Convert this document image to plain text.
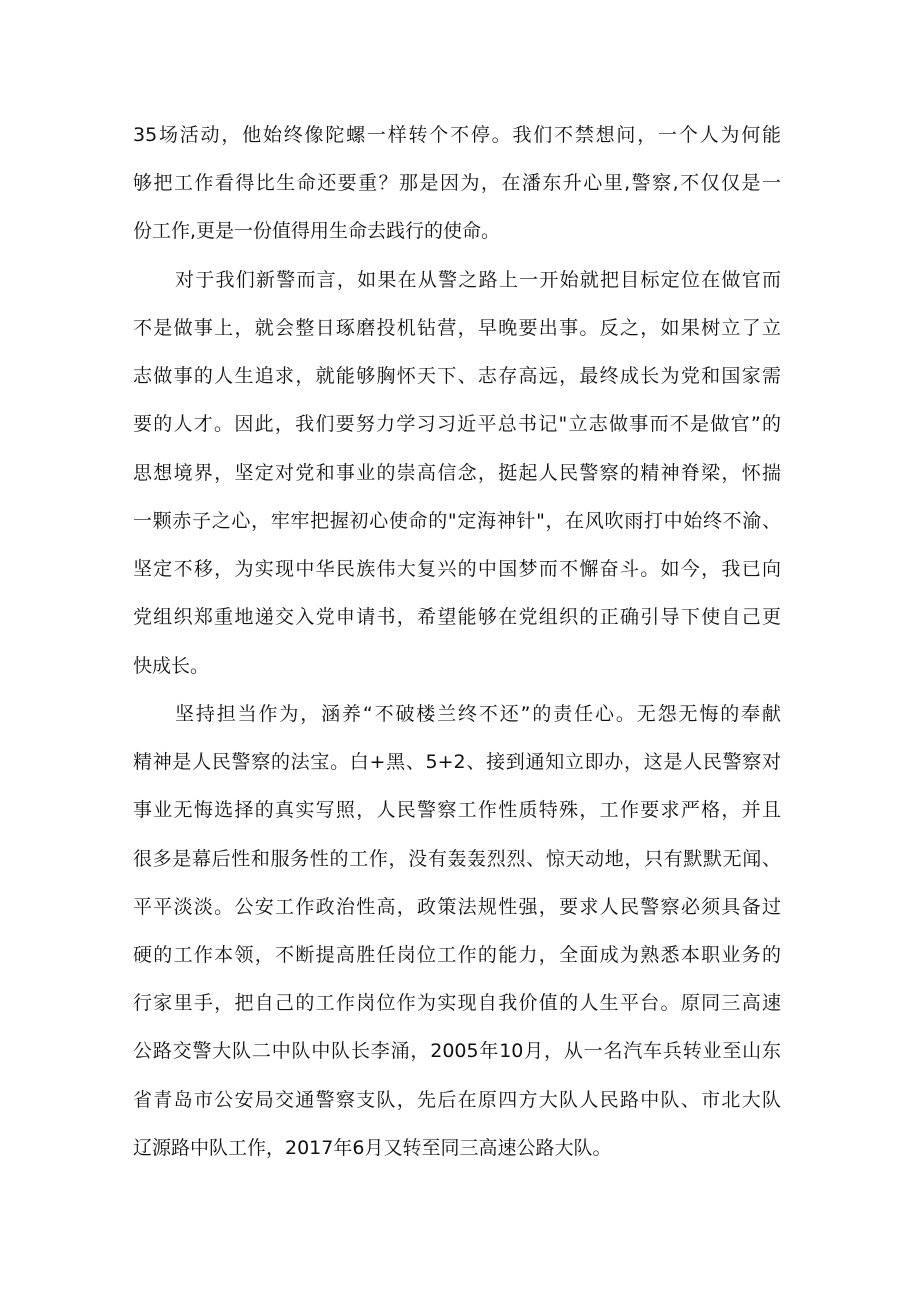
35场活动，他始终像陀螺一样转个不停。我们不禁想问，一个人为何能
够把工作看得比生命还要重？那是因为，在潘东升心里,警察,不仅仅是一
份工作,更是一份值得用生命去践行的使命。
对于我们新警而言，如果在从警之路上一开始就把目标定位在做官而
不是做事上，就会整日琢磨投机钻营，早晚要出事。反之，如果树立了立
志做事的人生追求，就能够胸怀天下、志存高远，最终成长为党和国家需
要的人才。因此，我们要努力学习习近平总书记"立志做事而不是做官”的
思想境界，坚定对党和事业的崇高信念，挺起人民警察的精神脊梁，怀揣
一颗赤子之心，牢牢把握初心使命的"定海神针"，在风吹雨打中始终不渝、
坚定不移，为实现中华民族伟大复兴的中国梦而不懈奋斗。如今，我已向
党组织郑重地递交入党申请书，希望能够在党组织的正确引导下使自己更
快成长。
坚持担当作为，涵养“不破楼兰终不还”的责任心。无怨无悔的奉献
精神是人民警察的法宝。白+黑、5+2、接到通知立即办，这是人民警察对
事业无悔选择的真实写照，人民警察工作性质特殊，工作要求严格，并且
很多是幕后性和服务性的工作，没有轰轰烈烈、惊天动地，只有默默无闻、
平平淡淡。公安工作政治性高，政策法规性强，要求人民警察必须具备过
硬的工作本领，不断提高胜任岗位工作的能力，全面成为熟悉本职业务的
行家里手，把自己的工作岗位作为实现自我价值的人生平台。原同三高速
公路交警大队二中队中队长李涌，2005年10月，从一名汽车兵转业至山东
省青岛市公安局交通警察支队，先后在原四方大队人民路中队、市北大队
辽源路中队工作，2017年6月又转至同三高速公路大队。
